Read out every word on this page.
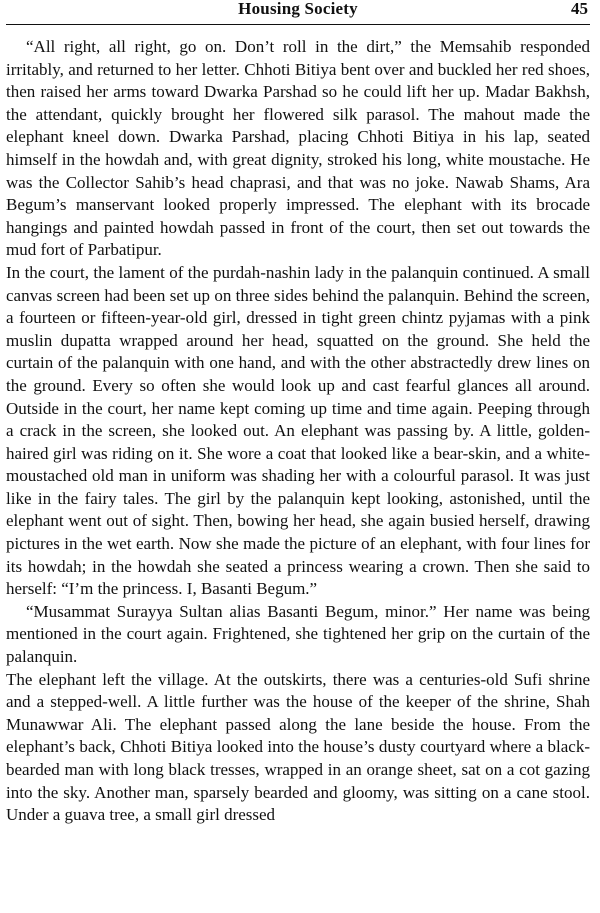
Housing Society	45

“All right, all right, go on. Don’t roll in the dirt,” the Memsahib responded irritably, and returned to her letter. Chhoti Bitiya bent over and buckled her red shoes, then raised her arms toward Dwarka Parshad so he could lift her up. Madar Bakhsh, the attendant, quickly brought her flowered silk parasol. The mahout made the elephant kneel down. Dwarka Parshad, placing Chhoti Bitiya in his lap, seated himself in the howdah and, with great dignity, stroked his long, white moustache. He was the Collector Sahib’s head chaprasi, and that was no joke. Nawab Shams, Ara Begum’s manservant looked properly impressed. The elephant with its brocade hangings and painted howdah passed in front of the court, then set out towards the mud fort of Parbatipur.

In the court, the lament of the purdah-nashin lady in the palanquin continued. A small canvas screen had been set up on three sides behind the palanquin. Behind the screen, a fourteen or fifteen-year-old girl, dressed in tight green chintz pyjamas with a pink muslin dupatta wrapped around her head, squatted on the ground. She held the curtain of the palanquin with one hand, and with the other abstractedly drew lines on the ground. Every so often she would look up and cast fearful glances all around. Outside in the court, her name kept coming up time and time again. Peeping through a crack in the screen, she looked out. An elephant was passing by. A little, golden-haired girl was riding on it. She wore a coat that looked like a bear-skin, and a white-moustached old man in uniform was shading her with a colourful parasol. It was just like in the fairy tales. The girl by the palanquin kept looking, astonished, until the elephant went out of sight. Then, bowing her head, she again busied herself, drawing pictures in the wet earth. Now she made the picture of an elephant, with four lines for its howdah; in the howdah she seated a princess wearing a crown. Then she said to herself: “I’m the princess. I, Basanti Begum.”

“Musammat Surayya Sultan alias Basanti Begum, minor.” Her name was being mentioned in the court again. Frightened, she tightened her grip on the curtain of the palanquin.

The elephant left the village. At the outskirts, there was a centuries-old Sufi shrine and a stepped-well. A little further was the house of the keeper of the shrine, Shah Munawwar Ali. The elephant passed along the lane beside the house. From the elephant’s back, Chhoti Bitiya looked into the house’s dusty courtyard where a black-bearded man with long black tresses, wrapped in an orange sheet, sat on a cot gazing into the sky. Another man, sparsely bearded and gloomy, was sitting on a cane stool. Under a guava tree, a small girl dressed
